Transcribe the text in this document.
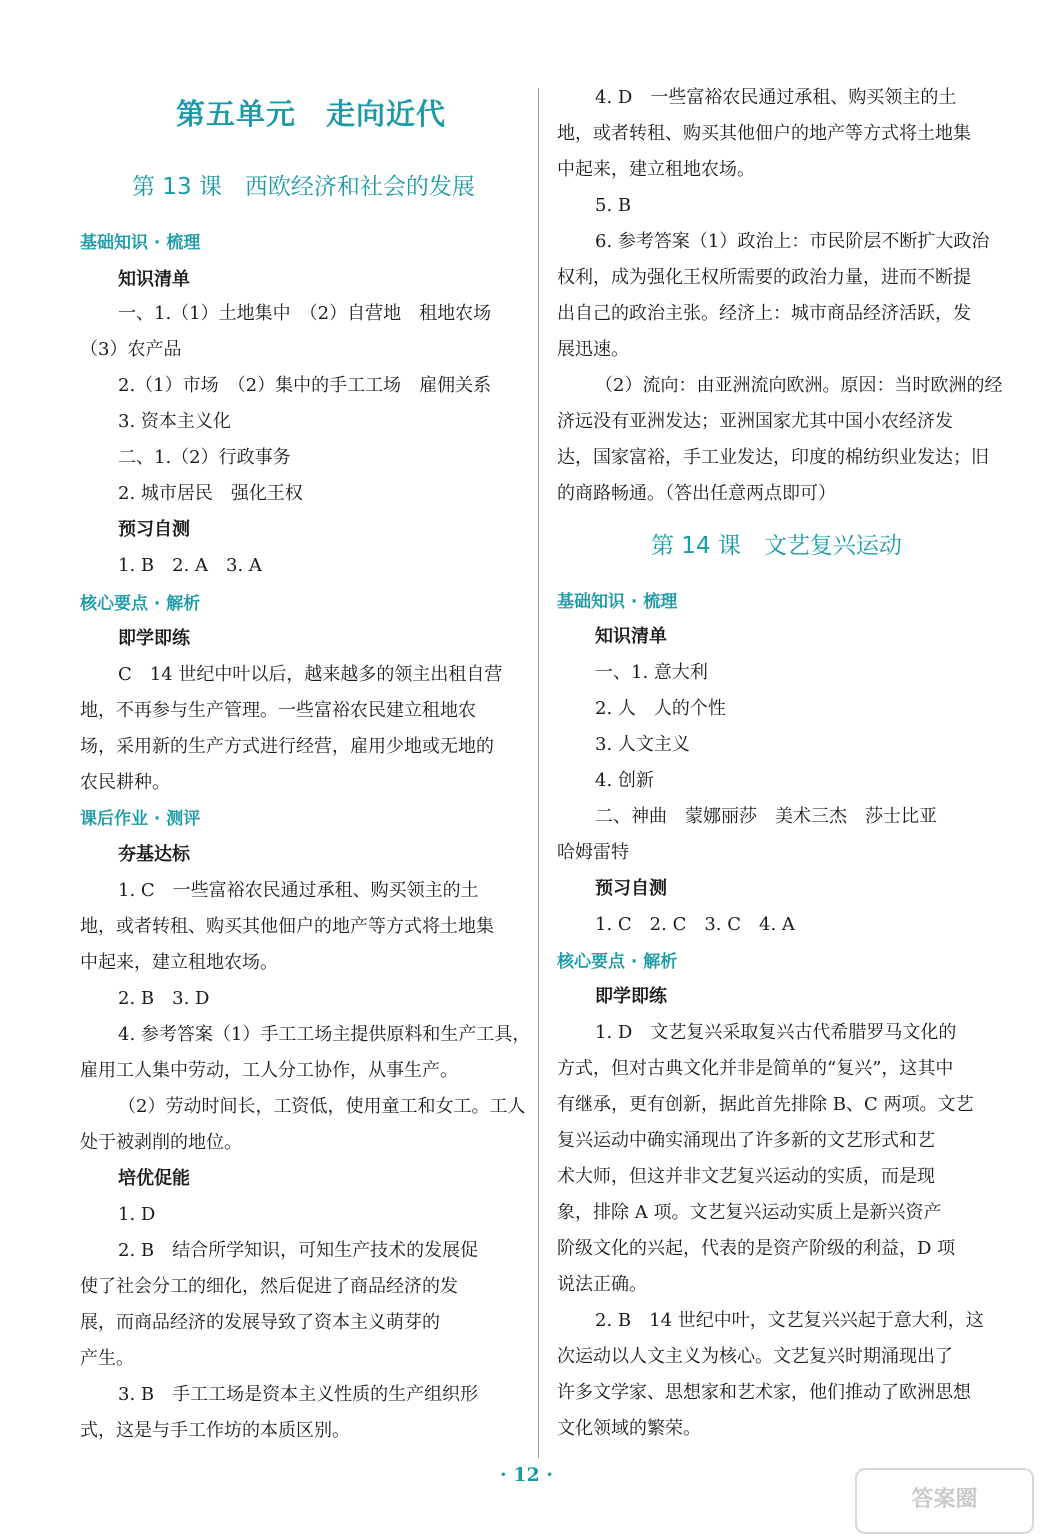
第五单元　走向近代
第 13 课　西欧经济和社会的发展
基础知识 · 梳理
知识清单
一、1.（1）土地集中　（2）自营地　租地农场
（3）农产品
2.（1）市场　（2）集中的手工工场　雇佣关系
3. 资本主义化
二、1.（2）行政事务
2. 城市居民　强化王权
预习自测
1. B　2. A　3. A
核心要点 · 解析
即学即练
C　14 世纪中叶以后，越来越多的领主出租自营
地，不再参与生产管理。一些富裕农民建立租地农
场，采用新的生产方式进行经营，雇用少地或无地的
农民耕种。
课后作业 · 测评
夯基达标
1. C　一些富裕农民通过承租、购买领主的土
地，或者转租、购买其他佃户的地产等方式将土地集
中起来，建立租地农场。
2. B　3. D
4. 参考答案（1）手工工场主提供原料和生产工具，
雇用工人集中劳动，工人分工协作，从事生产。
（2）劳动时间长，工资低，使用童工和女工。工人
处于被剥削的地位。
培优促能
1. D
2. B　结合所学知识，可知生产技术的发展促
使了社会分工的细化，然后促进了商品经济的发
展，而商品经济的发展导致了资本主义萌芽的
产生。
3. B　手工工场是资本主义性质的生产组织形
式，这是与手工作坊的本质区别。
第 14 课　文艺复兴运动
4. D　一些富裕农民通过承租、购买领主的土
地，或者转租、购买其他佃户的地产等方式将土地集
中起来，建立租地农场。
5. B
6. 参考答案（1）政治上：市民阶层不断扩大政治
权利，成为强化王权所需要的政治力量，进而不断提
出自己的政治主张。经济上：城市商品经济活跃，发
展迅速。
（2）流向：由亚洲流向欧洲。原因：当时欧洲的经
济远没有亚洲发达；亚洲国家尤其中国小农经济发
达，国家富裕，手工业发达，印度的棉纺织业发达；旧
的商路畅通。（答出任意两点即可）
基础知识 · 梳理
知识清单
一、1. 意大利
2. 人　人的个性
3. 人文主义
4. 创新
二、神曲　蒙娜丽莎　美术三杰　莎士比亚
哈姆雷特
预习自测
1. C　2. C　3. C　4. A
核心要点 · 解析
即学即练
1. D　文艺复兴采取复兴古代希腊罗马文化的
方式，但对古典文化并非是简单的“复兴”，这其中
有继承，更有创新，据此首先排除 B、C 两项。文艺
复兴运动中确实涌现出了许多新的文艺形式和艺
术大师，但这并非文艺复兴运动的实质，而是现
象，排除 A 项。文艺复兴运动实质上是新兴资产
阶级文化的兴起，代表的是资产阶级的利益，D 项
说法正确。
2. B　14 世纪中叶，文艺复兴兴起于意大利，这
次运动以人文主义为核心。文艺复兴时期涌现出了
许多文学家、思想家和艺术家，他们推动了欧洲思想
文化领域的繁荣。
· 12 ·
答案圈
